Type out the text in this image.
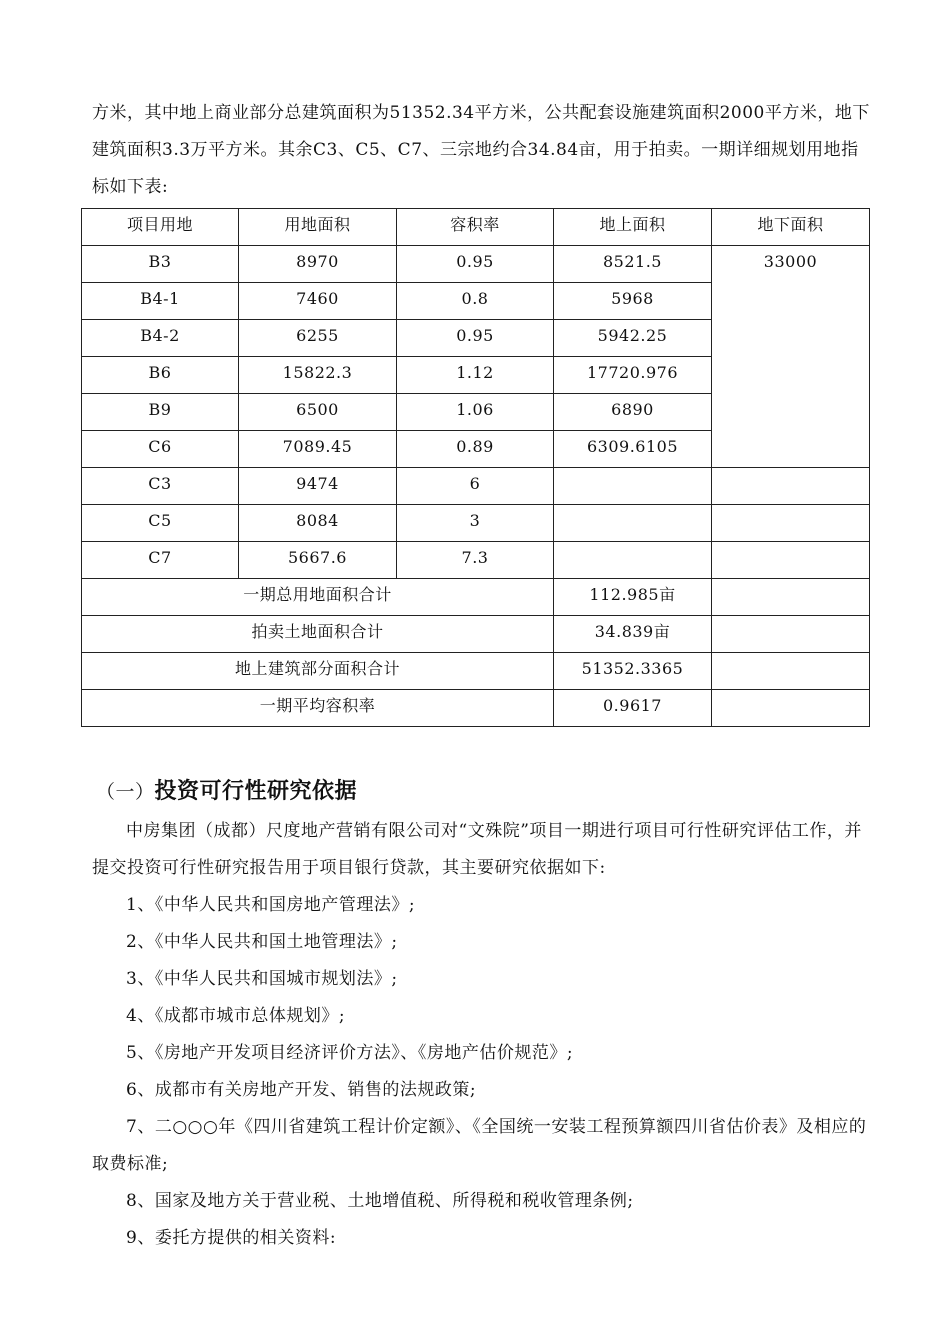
方米，其中地上商业部分总建筑面积为51352.34平方米，公共配套设施建筑面积2000平方米，地下建筑面积3.3万平方米。其余C3、C5、C7、三宗地约合34.84亩，用于拍卖。一期详细规划用地指标如下表:

项目用地	用地面积	容积率	地上面积	地下面积
B3	8970	0.95	8521.5	33000
B4-1	7460	0.8	5968	
B4-2	6255	0.95	5942.25	
B6	15822.3	1.12	17720.976	
B9	6500	1.06	6890	
C6	7089.45	0.89	6309.6105	
C3	9474	6		
C5	8084	3		
C7	5667.6	7.3		
一期总用地面积合计			112.985亩	
拍卖土地面积合计			34.839亩	
地上建筑部分面积合计			51352.3365	
一期平均容积率			0.9617	
（一）投资可行性研究依据

中房集团（成都）尺度地产营销有限公司对“文殊院”项目一期进行项目可行性研究评估工作，并提交投资可行性研究报告用于项目银行贷款，其主要研究依据如下:

1、《中华人民共和国房地产管理法》;
2、《中华人民共和国土地管理法》;
3、《中华人民共和国城市规划法》;
4、《成都市城市总体规划》;
5、《房地产开发项目经济评价方法》、《房地产估价规范》;
6、成都市有关房地产开发、销售的法规政策;
7、二○○○年《四川省建筑工程计价定额》、《全国统一安装工程预算额四川省估价表》及相应的取费标准;
8、国家及地方关于营业税、土地增值税、所得税和税收管理条例;
9、委托方提供的相关资料:
